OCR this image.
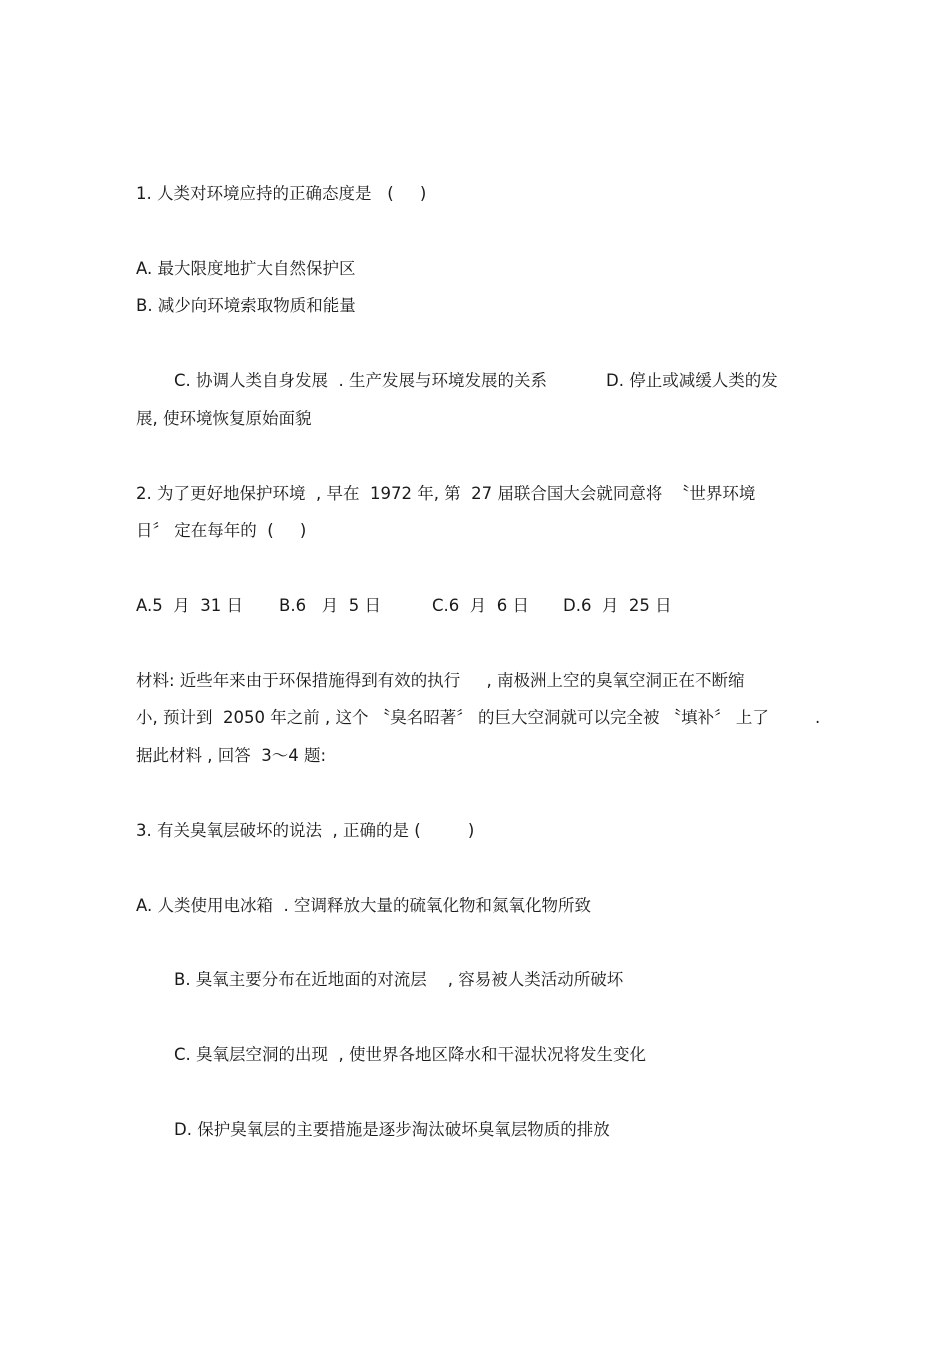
1. 人类对环境应持的正确态度是   (     )

A. 最大限度地扩大自然保护区

B. 减少向环境索取物质和能量

C. 协调人类自身发展  . 生产发展与环境发展的关系	D. 停止或减缓人类的发

展, 使环境恢复原始面貌

2. 为了更好地保护环境  , 早在  1972 年, 第  27 届联合国大会就同意将  〝世界环境

日〞 定在每年的  (     )

A.5  月  31 日 B.6   月  5 日	C.6  月  6 日 D.6  月  25 日

材料: 近些年来由于环保措施得到有效的执行     , 南极洲上空的臭氧空洞正在不断缩

小, 预计到  2050 年之前 , 这个 〝臭名昭著〞 的巨大空洞就可以完全被 〝填补〞 上了	.

据此材料 , 回答  3～4 题:

3. 有关臭氧层破坏的说法  , 正确的是 (         )

A. 人类使用电冰箱  . 空调释放大量的硫氧化物和氮氧化物所致

B. 臭氧主要分布在近地面的对流层    , 容易被人类活动所破坏

C. 臭氧层空洞的出现  , 使世界各地区降水和干湿状况将发生变化

D. 保护臭氧层的主要措施是逐步淘汰破坏臭氧层物质的排放
